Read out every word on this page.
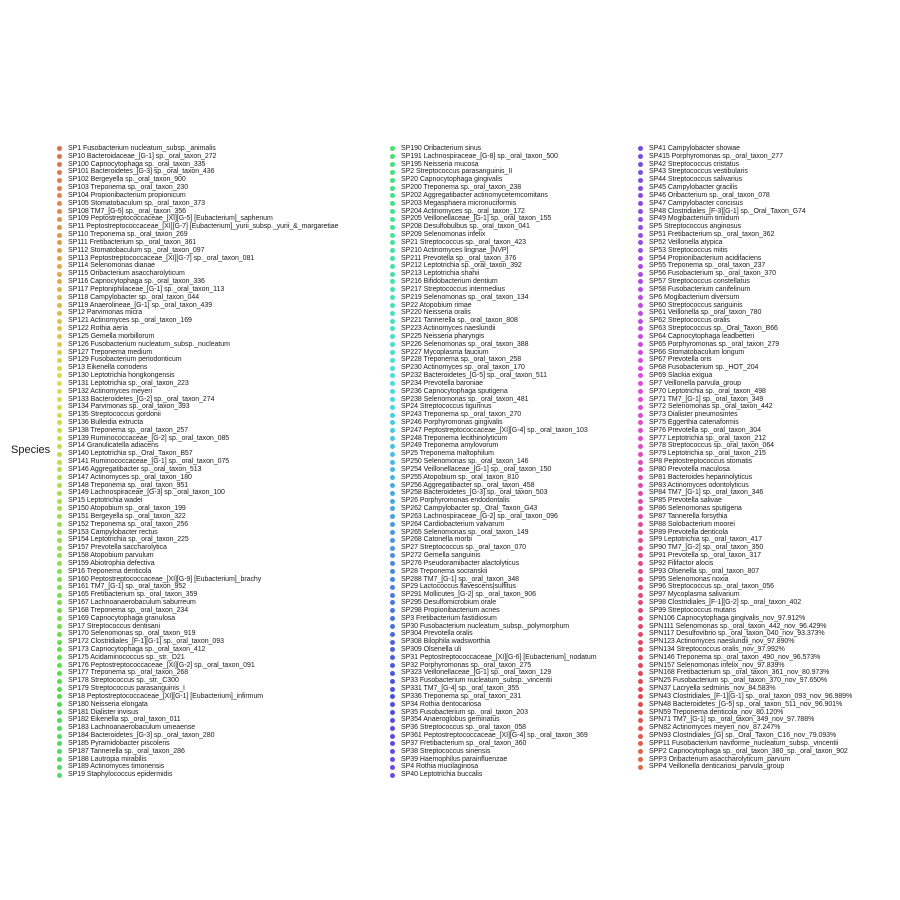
Species
SP1 Fusobacterium nucleatum_subsp._animalis
SP10 Bacteroidaceae_[G-1] sp._oral_taxon_272
SP100 Capnocytophaga sp._oral_taxon_335
SP101 Bacteroidetes_[G-3] sp._oral_taxon_436
SP102 Bergeyella sp._oral_taxon_900
SP103 Treponema sp._oral_taxon_230
SP104 Propionibacterium propionicum
SP105 Stomatobaculum sp._oral_taxon_373
SP108 TM7_[G-5] sp._oral_taxon_356
SP109 Peptostreptococcaceae_[XI][G-5] [Eubacterium]_saphenum
SP11 Peptostreptococcaceae_[XI][G-7] [Eubacterium]_yurii_subsp._yurii_&_margaretiae
SP110 Treponema sp._oral_taxon_269
SP111 Fretibacterium sp._oral_taxon_361
SP112 Stomatobaculum sp._oral_taxon_097
SP113 Peptostreptococcaceae_[XI][G-7] sp._oral_taxon_081
SP114 Selenomonas dianae
SP115 Oribacterium asaccharolyticum
SP116 Capnocytophaga sp._oral_taxon_336
SP117 Peptoniphilaceae_[G-1] sp._oral_taxon_113
SP118 Campylobacter sp._oral_taxon_044
SP119 Anaerolineae_[G-1] sp._oral_taxon_439
SP12 Parvimonas micra
SP121 Actinomyces sp._oral_taxon_169
SP122 Rothia aeria
SP125 Gemella morbillorum
SP126 Fusobacterium nucleatum_subsp._nucleatum
SP127 Treponema medium
SP129 Fusobacterium periodonticum
SP13 Eikenella corrodens
SP130 Leptotrichia hongkongensis
SP131 Leptotrichia sp._oral_taxon_223
SP132 Actinomyces meyeri
SP133 Bacteroidetes_[G-2] sp._oral_taxon_274
SP134 Parvimonas sp._oral_taxon_393
SP135 Streptococcus gordonii
SP136 Bulleidia extructa
SP138 Treponema sp._oral_taxon_257
SP139 Ruminococcaceae_[G-2] sp._oral_taxon_085
SP14 Granulicatella adiacens
SP140 Leptotrichia sp._Oral_Taxon_B57
SP141 Ruminococcaceae_[G-1] sp._oral_taxon_075
SP146 Aggregatibacter sp._oral_taxon_513
SP147 Actinomyces sp._oral_taxon_180
SP148 Treponema sp._oral_taxon_951
SP149 Lachnospiraceae_[G-3] sp._oral_taxon_100
SP15 Leptotrichia wadei
SP150 Atopobium sp._oral_taxon_199
SP151 Bergeyella sp._oral_taxon_322
SP152 Treponema sp._oral_taxon_256
SP153 Campylobacter rectus
SP154 Leptotrichia sp._oral_taxon_225
SP157 Prevotella saccharolytica
SP158 Atopobium parvulum
SP159 Abiotrophia defectiva
SP16 Treponema denticola
SP160 Peptostreptococcaceae_[XI][G-9] [Eubacterium]_brachy
SP161 TM7_[G-1] sp._oral_taxon_952
SP165 Fretibacterium sp._oral_taxon_359
SP167 Lachnoanaerobaculum saburreum
SP168 Treponema sp._oral_taxon_234
SP169 Capnocytophaga granulosa
SP17 Streptococcus dentisani
SP170 Selenomonas sp._oral_taxon_919
SP172 Clostridiales_[F-1][G-1] sp._oral_taxon_093
SP173 Capnocytophaga sp._oral_taxon_412
SP175 Acidaminococcus sp._str._D21
SP176 Peptostreptococcaceae_[XI][G-2] sp._oral_taxon_091
SP177 Treponema sp._oral_taxon_268
SP178 Streptococcus sp._str._C300
SP179 Streptococcus parasanguinis_I
SP18 Peptostreptococcaceae_[XI][G-1] [Eubacterium]_infirmum
SP180 Neisseria elongata
SP181 Dialister invisus
SP182 Eikenella sp._oral_taxon_011
SP183 Lachnoanaerobaculum umeaense
SP184 Bacteroidetes_[G-3] sp._oral_taxon_280
SP185 Pyramidobacter piscolens
SP187 Tannerella sp._oral_taxon_286
SP188 Lautropia mirabilis
SP189 Actinomyces timonensis
SP19 Staphylococcus epidermidis
SP190 Oribacterium sinus
SP191 Lachnospiraceae_[G-8] sp._oral_taxon_500
SP195 Neisseria mucosa
SP2 Streptococcus parasanguinis_II
SP20 Capnocytophaga gingivalis
SP200 Treponema sp._oral_taxon_238
SP202 Aggregatibacter actinomycetemcomitans
SP203 Megasphaera micronuciformis
SP204 Actinomyces sp._oral_taxon_172
SP205 Veillonellaceae_[G-1] sp._oral_taxon_155
SP208 Desulfobulbus sp._oral_taxon_041
SP209 Selenomonas infelix
SP21 Streptococcus sp._oral_taxon_423
SP210 Actinomyces lingnae_[NVP]
SP211 Prevotella sp._oral_taxon_376
SP212 Leptotrichia sp._oral_taxon_392
SP213 Leptotrichia shahii
SP216 Bifidobacterium dentium
SP217 Streptococcus intermedius
SP219 Selenomonas sp._oral_taxon_134
SP22 Atopobium rimae
SP220 Neisseria oralis
SP221 Tannerella sp._oral_taxon_808
SP223 Actinomyces naeslundii
SP225 Neisseria pharyngis
SP226 Selenomonas sp._oral_taxon_388
SP227 Mycoplasma faucium
SP228 Treponema sp._oral_taxon_258
SP230 Actinomyces sp._oral_taxon_170
SP232 Bacteroidetes_[G-5] sp._oral_taxon_511
SP234 Prevotella baroniae
SP236 Capnocytophaga sputigena
SP238 Selenomonas sp._oral_taxon_481
SP24 Streptococcus tigurinus
SP243 Treponema sp._oral_taxon_270
SP246 Porphyromonas gingivalis
SP247 Peptostreptococcaceae_[XI][G-4] sp._oral_taxon_103
SP248 Treponema lecithinolyticum
SP249 Treponema amylovorum
SP25 Treponema maltophilum
SP250 Selenomonas sp._oral_taxon_146
SP254 Veillonellaceae_[G-1] sp._oral_taxon_150
SP255 Atopobium sp._oral_taxon_810
SP256 Aggregatibacter sp._oral_taxon_458
SP258 Bacteroidetes_[G-3] sp._oral_taxon_503
SP26 Porphyromonas endodontalis
SP262 Campylobacter sp._Oral_Taxon_G43
SP263 Lachnospiraceae_[G-2] sp._oral_taxon_096
SP264 Cardiobacterium valvarum
SP265 Selenomonas sp._oral_taxon_149
SP268 Catonella morbi
SP27 Streptococcus sp._oral_taxon_070
SP272 Gemella sanguinis
SP276 Pseudoramibacter alactolyticus
SP28 Treponema socranskii
SP288 TM7_[G-1] sp._oral_taxon_348
SP29 Lactococcus flavescens|sulfitus
SP291 Mollicutes_[G-2] sp._oral_taxon_906
SP295 Desulfomicrobium orale
SP298 Propionibacterium acnes
SP3 Fretibacterium fastidiosum
SP30 Fusobacterium nucleatum_subsp._polymorphum
SP304 Prevotella oralis
SP308 Bilophila wadsworthia
SP309 Olsenella uli
SP31 Peptostreptococcaceae_[XI][G-6] [Eubacterium]_nodatum
SP32 Porphyromonas sp._oral_taxon_275
SP323 Veillonellaceae_[G-1] sp._oral_taxon_129
SP33 Fusobacterium nucleatum_subsp._vincentii
SP331 TM7_[G-4] sp._oral_taxon_355
SP336 Treponema sp._oral_taxon_231
SP34 Rothia dentocariosa
SP35 Fusobacterium sp._oral_taxon_203
SP354 Anaeroglobus geminatus
SP36 Streptococcus sp._oral_taxon_058
SP361 Peptostreptococcaceae_[XI][G-4] sp._oral_taxon_369
SP37 Fretibacterium sp._oral_taxon_360
SP38 Streptococcus sinensis
SP39 Haemophilus parainfluenzae
SP4 Rothia mucilaginosa
SP40 Leptotrichia buccalis
SP41 Campylobacter showae
SP415 Porphyromonas sp._oral_taxon_277
SP42 Streptococcus cristatus
SP43 Streptococcus vestibularis
SP44 Streptococcus salivarius
SP45 Campylobacter gracilis
SP46 Oribacterium sp._oral_taxon_078
SP47 Campylobacter concisus
SP48 Clostridiales_[F-3][G-1] sp._Oral_Taxon_G74
SP49 Mogibacterium timidum
SP5 Streptococcus anginosus
SP51 Fretibacterium sp._oral_taxon_362
SP52 Veillonella atypica
SP53 Streptococcus mitis
SP54 Propionibacterium acidifaciens
SP55 Treponema sp._oral_taxon_237
SP56 Fusobacterium sp._oral_taxon_370
SP57 Streptococcus constellatus
SP58 Fusobacterium canifelinum
SP6 Mogibacterium diversum
SP60 Streptococcus sanguinis
SP61 Veillonella sp._oral_taxon_780
SP62 Streptococcus oralis
SP63 Streptococcus sp._Oral_Taxon_B66
SP64 Capnocytophaga leadbetteri
SP65 Porphyromonas sp._oral_taxon_279
SP66 Stomatobaculum longum
SP67 Prevotella oris
SP68 Fusobacterium sp._HOT_204
SP69 Slackia exigua
SP7 Veillonella parvula_group
SP70 Leptotrichia sp._oral_taxon_498
SP71 TM7_[G-1] sp._oral_taxon_349
SP72 Selenomonas sp._oral_taxon_442
SP73 Dialister pneumosintes
SP75 Eggerthia catenaformis
SP76 Prevotella sp._oral_taxon_304
SP77 Leptotrichia sp._oral_taxon_212
SP78 Streptococcus sp._oral_taxon_064
SP79 Leptotrichia sp._oral_taxon_215
SP8 Peptostreptococcus stomatis
SP80 Prevotella maculosa
SP81 Bacteroides heparinolyticus
SP83 Actinomyces odontolyticus
SP84 TM7_[G-1] sp._oral_taxon_346
SP85 Prevotella salivae
SP86 Selenomonas sputigena
SP87 Tannerella forsythia
SP88 Solobacterium moorei
SP89 Prevotella denticola
SP9 Leptotrichia sp._oral_taxon_417
SP90 TM7_[G-2] sp._oral_taxon_350
SP91 Prevotella sp._oral_taxon_317
SP92 Filifactor alocis
SP93 Olsenella sp._oral_taxon_807
SP95 Selenomonas noxia
SP96 Streptococcus sp._oral_taxon_056
SP97 Mycoplasma salivarium
SP98 Clostridiales_[F-1][G-2] sp._oral_taxon_402
SP99 Streptococcus mutans
SPN106 Capnocytophaga gingivalis_nov_97.912%
SPN111 Selenomonas sp._oral_taxon_442_nov_96.429%
SPN117 Desulfovibrio sp._oral_taxon_040_nov_93.373%
SPN123 Actinomyces naeslundii_nov_97.890%
SPN134 Streptococcus oralis_nov_97.992%
SPN146 Treponema sp._oral_taxon_490_nov_96.573%
SPN157 Selenomonas infelix_nov_97.839%
SPN168 Fretibacterium sp._oral_taxon_361_nov_80.973%
SPN25 Fusobacterium sp._oral_taxon_370_nov_97.650%
SPN37 Lacryella sedminis_nov_84.583%
SPN43 Clostridiales_[F-1][G-1] sp._oral_taxon_093_nov_96.989%
SPN48 Bacteroidetes_[G-5] sp._oral_taxon_511_nov_96.901%
SPN59 Treponema denticola_nov_80.120%
SPN71 TM7_[G-1] sp._oral_taxon_349_nov_97.788%
SPN82 Actinomyces meyeri_nov_87.247%
SPN93 Clostridiales_[G] sp._Oral_Taxon_C16_nov_79.093%
SPP11 Fusobacterium naviforme_nucleatum_subsp._vincentii
SPP2 Capnocytophaga sp._oral_taxon_380_sp._oral_taxon_902
SPP3 Oribacterium asaccharolyticum_parvum
SPP4 Veillonella denticariosi_parvula_group
